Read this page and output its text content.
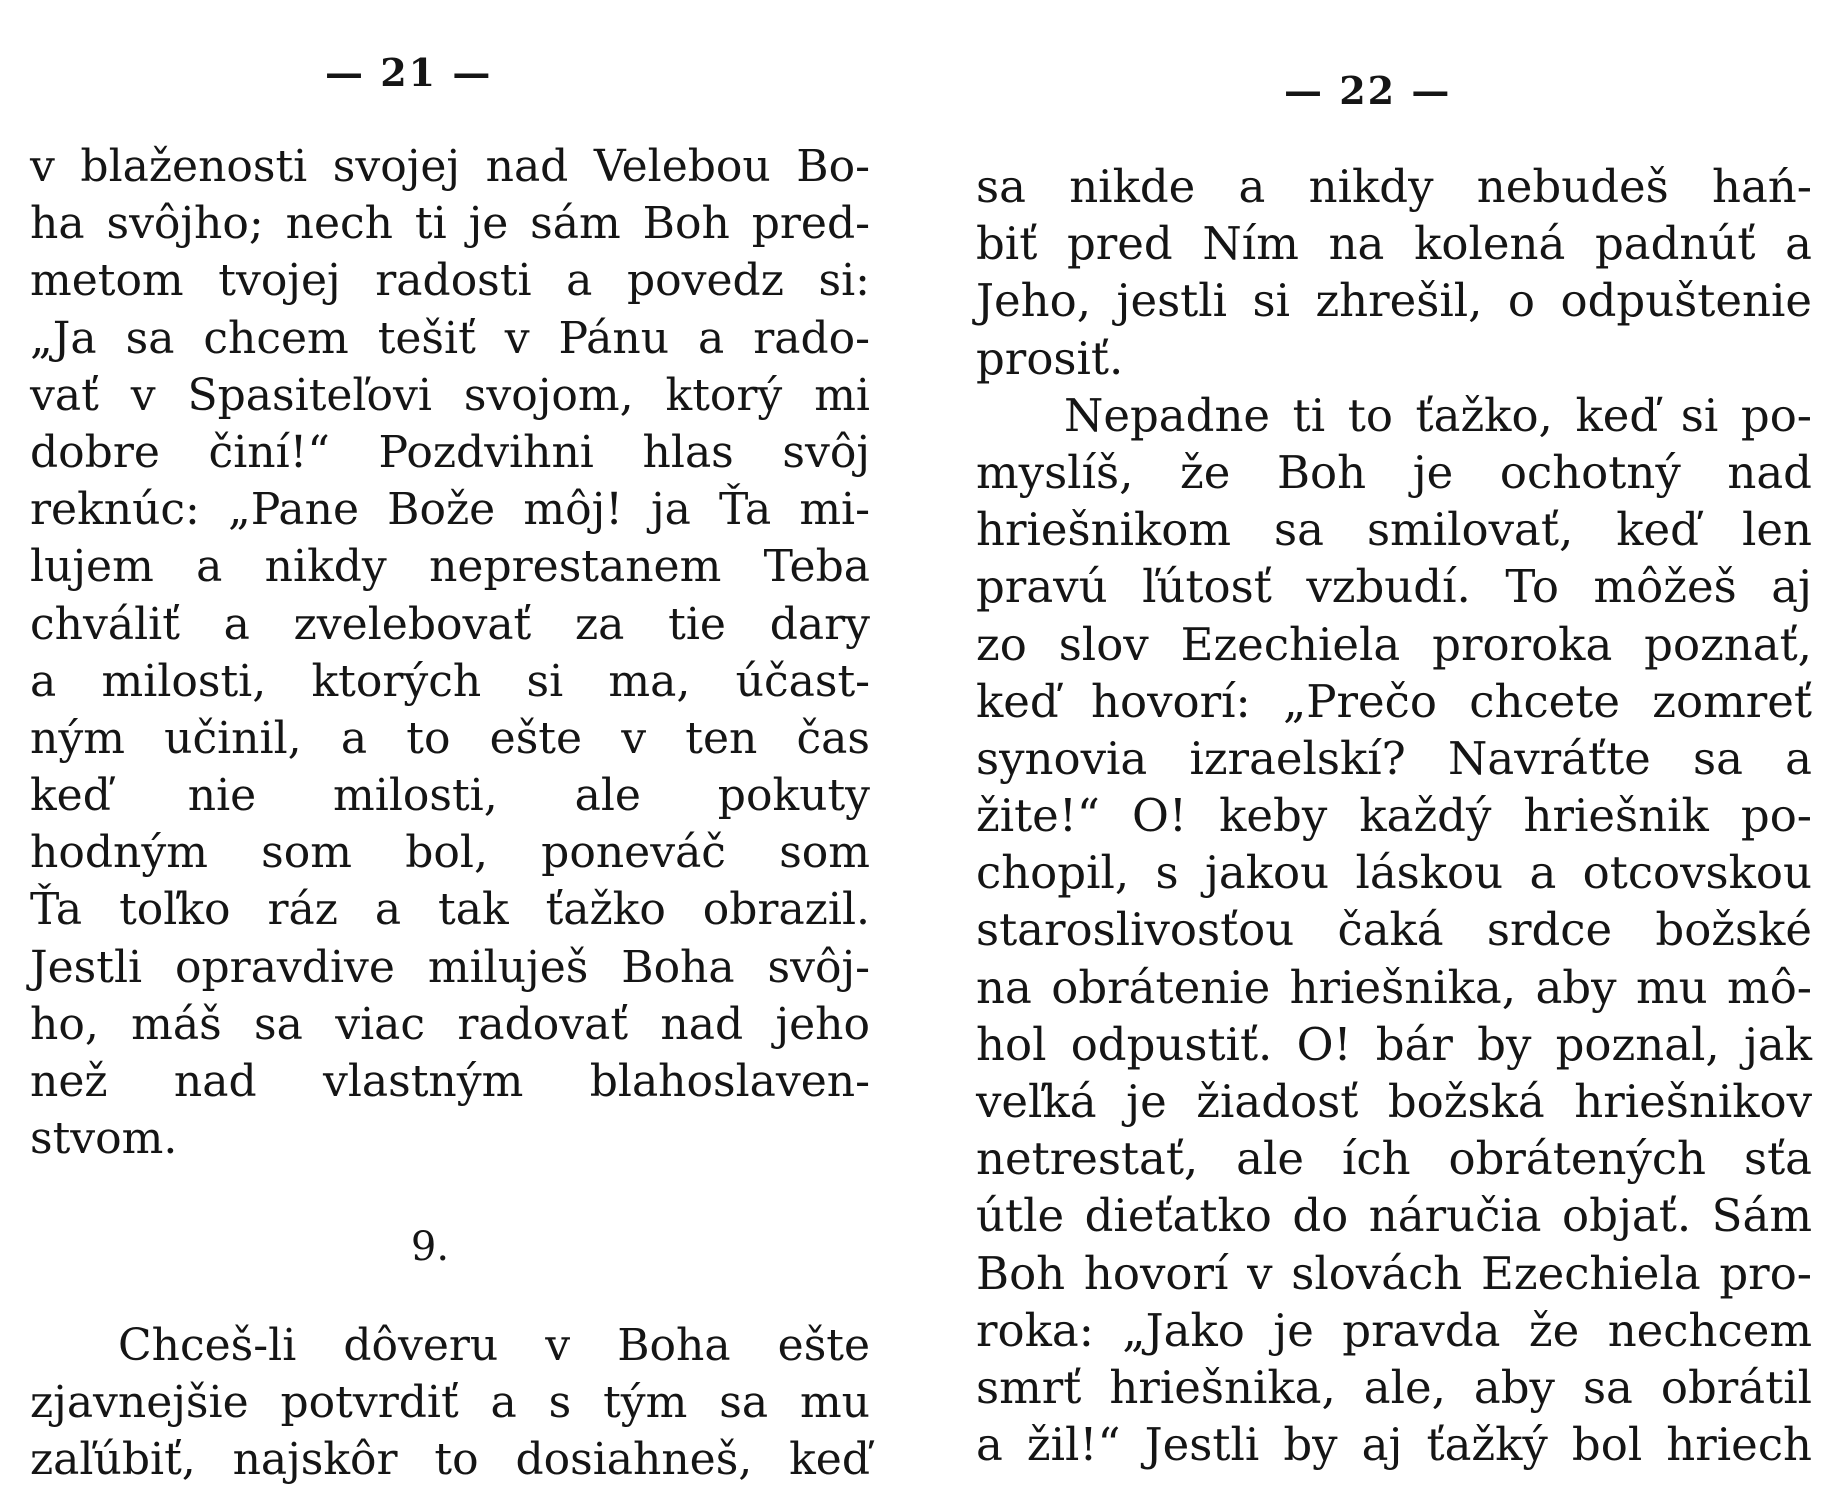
— 21 —
v blaženosti svojej nad Velebou Bo-
ha svôjho; nech ti je sám Boh pred-
metom tvojej radosti a povedz si:
„Ja sa chcem tešiť v Pánu a rado-
vať v Spasiteľovi svojom, ktorý mi
dobre činí!“ Pozdvihni hlas svôj
reknúc: „Pane Bože môj! ja Ťa mi-
lujem a nikdy neprestanem Teba
chváliť a zvelebovať za tie dary
a milosti, ktorých si ma, účast-
ným učinil, a to ešte v ten čas
keď nie milosti, ale pokuty
hodným som bol, poneváč som
Ťa toľko ráz a tak ťažko obrazil.
Jestli opravdive miluješ Boha svôj-
ho, máš sa viac radovať nad jeho
než nad vlastným blahoslaven-
stvom.
9.
Chceš-li dôveru v Boha ešte
zjavnejšie potvrdiť a s tým sa mu
zaľúbiť, najskôr to dosiahneš, keď
— 22 —
sa nikde a nikdy nebudeš hań-
biť pred Ním na kolená padnúť a
Jeho, jestli si zhrešil, o odpuštenie
prosiť.
Nepadne ti to ťažko, keď si po-
myslíš, že Boh je ochotný nad
hriešnikom sa smilovať, keď len
pravú ľútosť vzbudí. To môžeš aj
zo slov Ezechiela proroka poznať,
keď hovorí: „Prečo chcete zomreť
synovia izraelskí? Navráťte sa a
žite!“ O! keby každý hriešnik po-
chopil, s jakou láskou a otcovskou
staroslivosťou čaká srdce božské
na obrátenie hriešnika, aby mu mô-
hol odpustiť. O! bár by poznal, jak
veľká je žiadosť božská hriešnikov
netrestať, ale ích obrátených sťa
útle dieťatko do náručia objať. Sám
Boh hovorí v slovách Ezechiela pro-
roka: „Jako je pravda že nechcem
smrť hriešnika, ale, aby sa obrátil
a žil!“ Jestli by aj ťažký bol hriech
